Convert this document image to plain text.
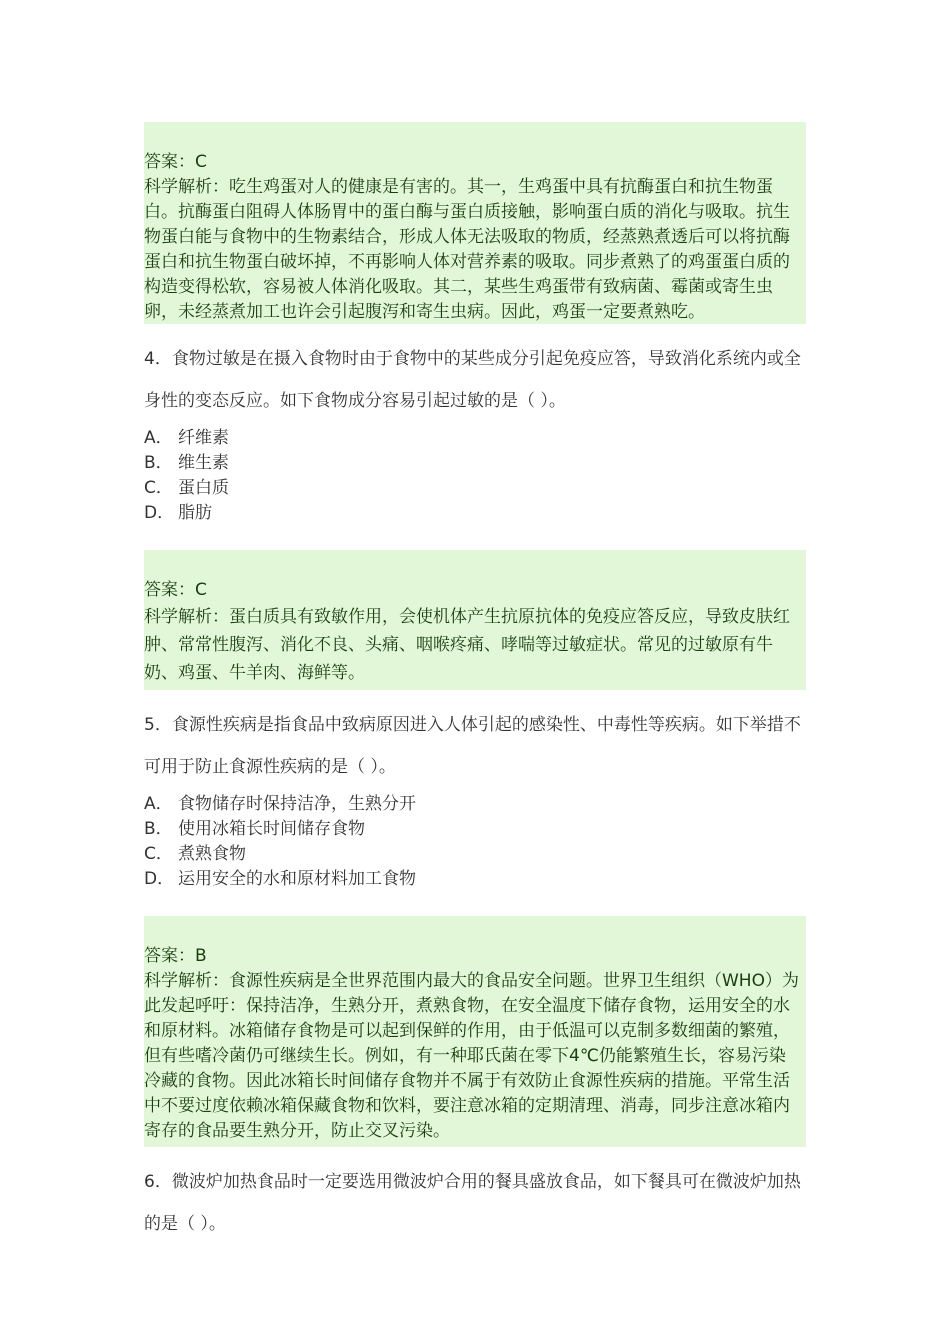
答案：C
科学解析：吃生鸡蛋对人的健康是有害的。其一，生鸡蛋中具有抗酶蛋白和抗生物蛋白。抗酶蛋白阻碍人体肠胃中的蛋白酶与蛋白质接触，影响蛋白质的消化与吸取。抗生物蛋白能与食物中的生物素结合，形成人体无法吸取的物质，经蒸熟煮透后可以将抗酶蛋白和抗生物蛋白破坏掉，不再影响人体对营养素的吸取。同步煮熟了的鸡蛋蛋白质的构造变得松软，容易被人体消化吸取。其二，某些生鸡蛋带有致病菌、霉菌或寄生虫卵，未经蒸煮加工也许会引起腹泻和寄生虫病。因此，鸡蛋一定要煮熟吃。

4．食物过敏是在摄入食物时由于食物中的某些成分引起免疫应答，导致消化系统内或全身性的变态反应。如下食物成分容易引起过敏的是（ ）。
A． 纤维素
B． 维生素
C． 蛋白质
D． 脂肪

答案：C
科学解析：蛋白质具有致敏作用，会使机体产生抗原抗体的免疫应答反应，导致皮肤红肿、常常性腹泻、消化不良、头痛、咽喉疼痛、哮喘等过敏症状。常见的过敏原有牛奶、鸡蛋、牛羊肉、海鲜等。

5．食源性疾病是指食品中致病原因进入人体引起的感染性、中毒性等疾病。如下举措不可用于防止食源性疾病的是（ ）。
A． 食物储存时保持洁净，生熟分开
B． 使用冰箱长时间储存食物
C． 煮熟食物
D． 运用安全的水和原材料加工食物

答案：B
科学解析：食源性疾病是全世界范围内最大的食品安全问题。世界卫生组织（WHO）为此发起呼吁：保持洁净，生熟分开，煮熟食物，在安全温度下储存食物，运用安全的水和原材料。冰箱储存食物是可以起到保鲜的作用，由于低温可以克制多数细菌的繁殖，但有些嗜冷菌仍可继续生长。例如，有一种耶氏菌在零下4℃仍能繁殖生长，容易污染冷藏的食物。因此冰箱长时间储存食物并不属于有效防止食源性疾病的措施。平常生活中不要过度依赖冰箱保藏食物和饮料，要注意冰箱的定期清理、消毒，同步注意冰箱内寄存的食品要生熟分开，防止交叉污染。

6．微波炉加热食品时一定要选用微波炉合用的餐具盛放食品，如下餐具可在微波炉加热的是（ ）。
